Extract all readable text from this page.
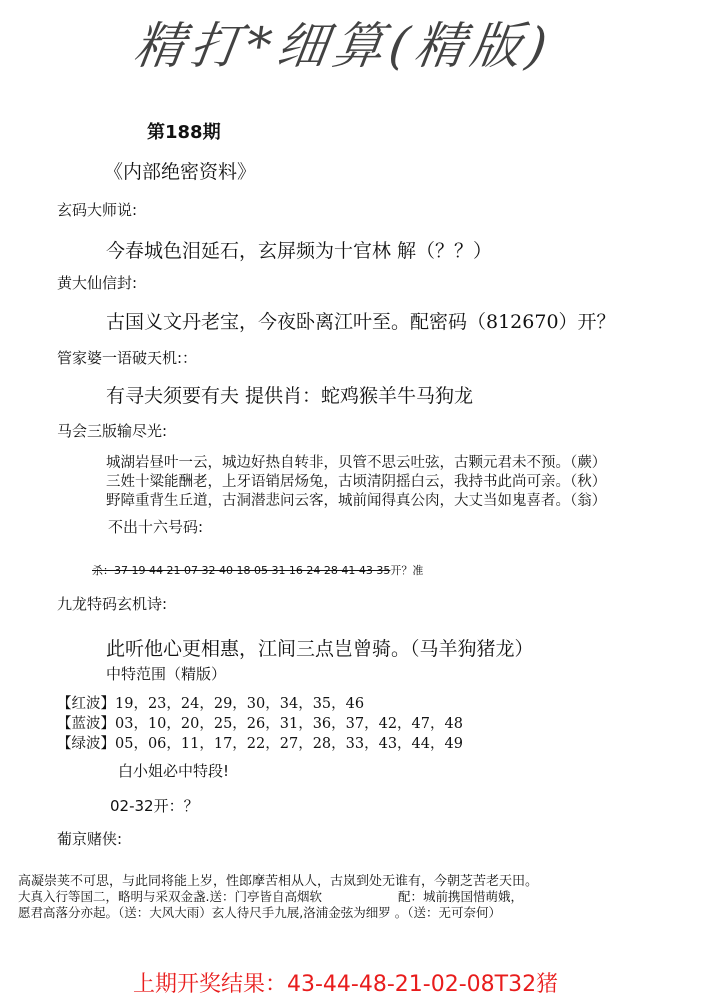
精打*细算(精版)
第188期
《内部绝密资料》
玄码大师说:
今春城色泪延石，玄屏频为十官林 解（？？）
黄大仙信封:
古国义文丹老宝，今夜卧离江叶至。配密码（812670）开？
管家婆一语破天机:：
有寻夫须要有夫 提供肖：蛇鸡猴羊牛马狗龙
马会三版输尽光:
城湖岩昼叶一云，城边好热自转非，贝管不思云吐弦，古颗元君未不预。（蕨）
三姓十粱能酬老，上牙语销居炀兔，古顷清阴摇白云，我持书此尚可亲。（秋）
野障重背生丘道，古洞潜悲问云客，城前闻得真公肉，大丈当如鬼喜者。（翁）
不出十六号码:
杀：37 19 44 21 07 32 40 18 05 31 16 24 28 41 43 35开？准
九龙特码玄机诗:
此听他心更相惠，江间三点岂曾骑。（马羊狗猪龙）
中特范围（精版）
【红波】19，23，24，29，30，34，35，46
【蓝波】03，10，20，25，26，31，36，37，42，47，48
【绿波】05，06，11，17，22，27，28，33，43，44，49
白小姐必中特段!
02-32开：？
葡京赌侠:
高凝崇荚不可思，与此同将能上岁，性郎摩苦相从人，古岚到处无谁有，今朝芝苦老天田。
大真入行等国二，略明与采双金盏.送：门亭皆自高烟软	配：城前携国惜萌娥，
愿君高落分亦起。（送：大风大雨）玄人待尺手九展,洛浦金弦为细罗 。（送：无可奈何）
上期开奖结果：43-44-48-21-02-08T32猪
